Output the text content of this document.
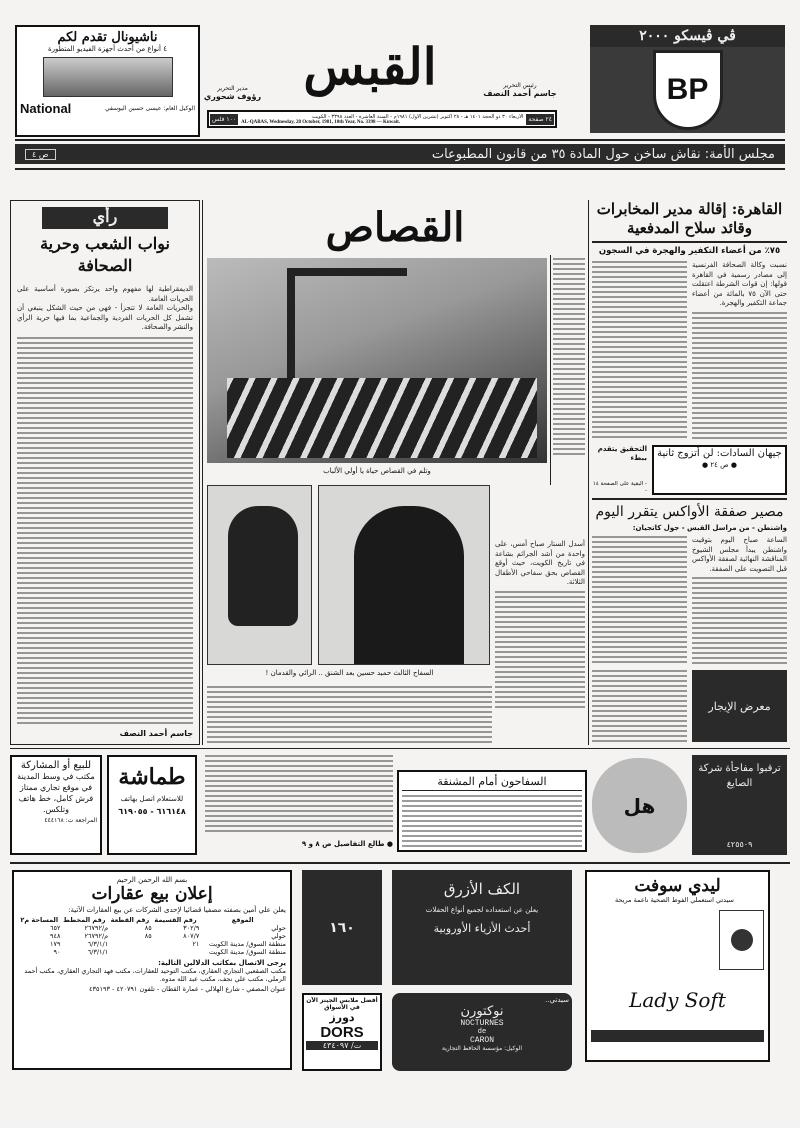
ناشيونال تقدم لكم
٤ أنواع من أحدث أجهزة الفيديو المتطورة
الوكيل العام: عيسى حسين اليوسفي
National
مدير التحرير
رؤوف شحوري
القبس	رئيس التحرير
جاسم أحمد النصف
٢٤ صفحة
الأربعاء ٣٠ ذو الحجة ١٤٠١ هـ - ٢٨ أكتوبر (تشرين الأول) ١٩٨١م - السنة العاشرة - العدد ٣٣٩٨ - الكويت
AL-QABAS, Wednesday, 28 October, 1981, 10th Year, No. 3398 — Kuwait.
١٠٠ فلس
ڤي ڤيسكو ٢٠٠٠
BP
مجلس الأمة: نقاش ساخن حول المادة ٣٥ من قانون المطبوعات
ص ٤
رأي
نواب الشعب وحرية الصحافة

الديمقراطية لها مفهوم واحد يرتكز بصورة أساسية على الحريات العامة.

والحريات العامة لا تتجزأ - فهي من حيث الشكل ينبغي أن تشمل كل الحريات الفردية والجماعية بما فيها حرية الرأي والنشر والصحافة.

جاسم أحمد النصف
القصاص
وتلم في القصاص حياة يا أولي الألباب
السفاح الثالث حميد حسين بعد الشنق .. الرائي والقدمان !

أسدل الستار صباح أمس، على واحدة من أشد الجرائم بشاعة في تاريخ الكويت، حيث أوقع القصاص بحق سفاحي الأطفال الثلاثة.

القاهرة: إقالة مدير المخابرات وقائد سلاح المدفعية
٧٥٪ من أعضاء التكفير والهجرة في السجون

نسبت وكالة الصحافة الفرنسية إلى مصادر رسمية في القاهرة قولها: إن قوات الشرطة اعتقلت حتى الآن ٧٥ بالمائة من أعضاء جماعة التكفير والهجرة.

جيهان السادات: لن أتزوج ثانية
● ص ٢٤ ●
التحقيق يتقدم ببطء
- البقية على الصفحة ١٤ -
مصير صفقة الأواكس يتقرر اليوم
واشنطن - من مراسل القبس - جول كاتجيان:

الساعة صباح اليوم بتوقيت واشنطن يبدأ مجلس الشيوخ المناقشة النهائية لصفقة الأواكس قبل التصويت على الصفقة.

معرض الإيجار
للبيع أو المشاركة
مكتب في وسط المدينة في موقع تجاري ممتاز فرش كامل، خط هاتف وتلكس.
المراجعة ت: ٤٤٤١٦٨
طماشة
للاستعلام اتصل بهاتف
٦١٦١٤٨ - ٦١٩٠٥٥
● طالع التفاصيل ص ٨ و ٩
السفاحون أمام المشنقة
هل
ترقبوا مفاجأة شركة الصايغ
٤٢٥٥٠٩
بسم الله الرحمن الرحيم
إعلان بيع عقارات
يعلن علي أمين بصفته مصفيا قضائيا لإحدى الشركات عن بيع العقارات الآتية:
الموقع	رقم القسيمة	رقم القطعة	رقم المخطط	المساحة م٢
حولي	٣٠٢/٩	٨٥	م/٢٦٧٩٢	٦٥٢
حولي	٨٠٧/٧	٨٥	م/٢٦٧٩٢	٩٤٨
منطقة السوق/ مدينة الكويت	٢١		٦/٣/١/١	١٧٩
منطقة السوق/ مدينة الكويت			٦/٣/١/١	٩٠
يرجى الاتصال بمكاتب الدلالين التالية:
مكتب الصقعبي التجاري العقاري، مكتب التوحيد للعقارات، مكتب فهد التجاري العقاري، مكتب أحمد الرملي، مكتب علي نجف، مكتب عبد الله مدوه.
عنوان المصفي - شارع الهلالي - عمارة القطان - تلفون ٤٢٠٧٩١ - ٤٣٥١٩٣
١٦٠
الكف الأزرق
يعلن عن استعداده لجميع أنواع الحفلات
أحدث الأزياء الأوروبية
أفضل ملابس الجينز الآن في الأسواق
دورز
DORS
ت/ ٤٣٤٠٩٧
سيدتي..
نوكتورن
NOCTURNES
de
CARON
الوكيل: مؤسسة الحافظ التجارية
ليدي سوفت
سيدتي استعملي الفوط الصحية ناعمة مريحة
Lady Soft
